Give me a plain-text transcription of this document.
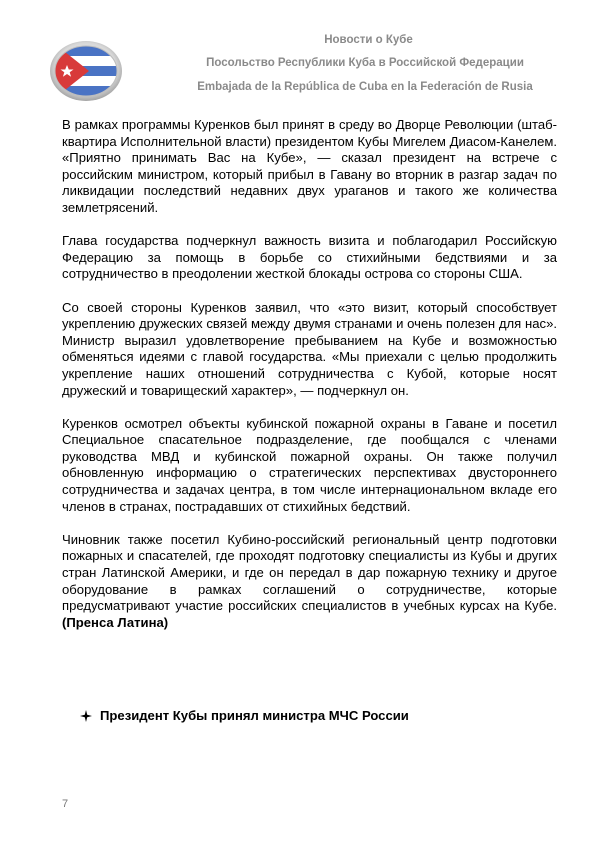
Новости о Кубе
Посольство Республики Куба в Российской Федерации
Embajada de la República de Cuba en la Federación de Rusia

В рамках программы Куренков был принят в среду во Дворце Революции (штаб-квартира Исполнительной власти) президентом Кубы Мигелем Диасом-Канелем. «Приятно принимать Вас на Кубе», — сказал президент на встрече с российским министром, который прибыл в Гавану во вторник в разгар задач по ликвидации последствий недавних двух ураганов и такого же количества землетрясений.

Глава государства подчеркнул важность визита и поблагодарил Российскую Федерацию за помощь в борьбе со стихийными бедствиями и за сотрудничество в преодолении жесткой блокады острова со стороны США.

Со своей стороны Куренков заявил, что «это визит, который способствует укреплению дружеских связей между двумя странами и очень полезен для нас». Министр выразил удовлетворение пребыванием на Кубе и возможностью обменяться идеями с главой государства. «Мы приехали с целью продолжить укрепление наших отношений сотрудничества с Кубой, которые носят дружеский и товарищеский характер», — подчеркнул он.

Куренков осмотрел объекты кубинской пожарной охраны в Гаване и посетил Специальное спасательное подразделение, где пообщался с членами руководства МВД и кубинской пожарной охраны. Он также получил обновленную информацию о стратегических перспективах двустороннего сотрудничества и задачах центра, в том числе интернациональном вкладе его членов в странах, пострадавших от стихийных бедствий.

Чиновник также посетил Кубино-российский региональный центр подготовки пожарных и спасателей, где проходят подготовку специалисты из Кубы и других стран Латинской Америки, и где он передал в дар пожарную технику и другое оборудование в рамках соглашений о сотрудничестве, которые предусматривают участие российских специалистов в учебных курсах на Кубе. (Пренса Латина)

Президент Кубы принял министра МЧС России
7
